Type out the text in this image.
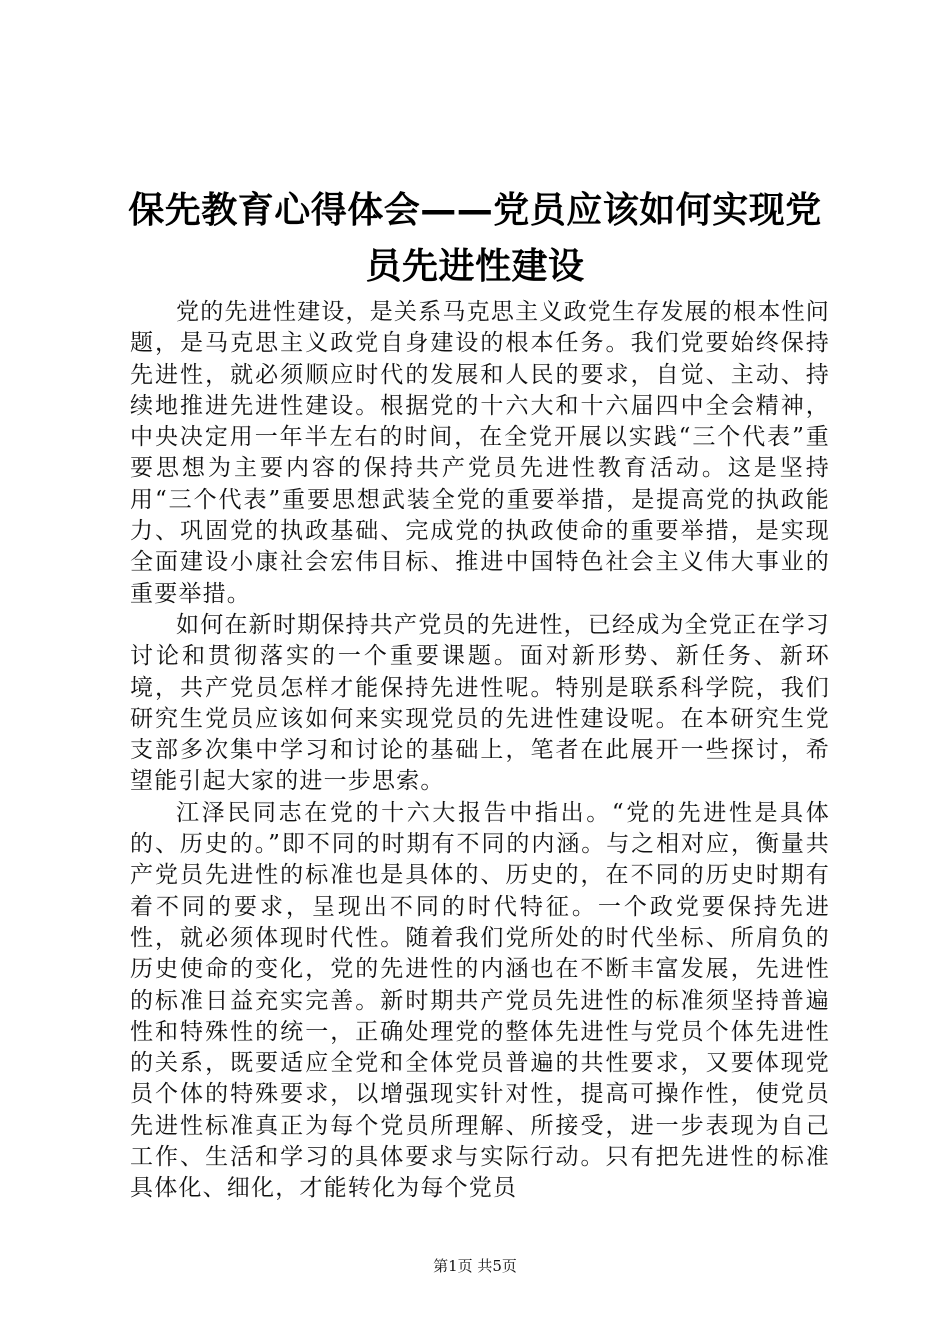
保先教育心得体会——党员应该如何实现党员先进性建设

党的先进性建设，是关系马克思主义政党生存发展的根本性问题，是马克思主义政党自身建设的根本任务。我们党要始终保持先进性，就必须顺应时代的发展和人民的要求，自觉、主动、持续地推进先进性建设。根据党的十六大和十六届四中全会精神，中央决定用一年半左右的时间，在全党开展以实践“三个代表”重要思想为主要内容的保持共产党员先进性教育活动。这是坚持用“三个代表”重要思想武装全党的重要举措，是提高党的执政能力、巩固党的执政基础、完成党的执政使命的重要举措，是实现全面建设小康社会宏伟目标、推进中国特色社会主义伟大事业的重要举措。

如何在新时期保持共产党员的先进性，已经成为全党正在学习讨论和贯彻落实的一个重要课题。面对新形势、新任务、新环境，共产党员怎样才能保持先进性呢。特别是联系科学院，我们研究生党员应该如何来实现党员的先进性建设呢。在本研究生党支部多次集中学习和讨论的基础上，笔者在此展开一些探讨，希望能引起大家的进一步思索。

江泽民同志在党的十六大报告中指出。“党的先进性是具体的、历史的。”即不同的时期有不同的内涵。与之相对应，衡量共产党员先进性的标准也是具体的、历史的，在不同的历史时期有着不同的要求，呈现出不同的时代特征。一个政党要保持先进性，就必须体现时代性。随着我们党所处的时代坐标、所肩负的历史使命的变化，党的先进性的内涵也在不断丰富发展，先进性的标准日益充实完善。新时期共产党员先进性的标准须坚持普遍性和特殊性的统一，正确处理党的整体先进性与党员个体先进性的关系，既要适应全党和全体党员普遍的共性要求，又要体现党员个体的特殊要求，以增强现实针对性，提高可操作性，使党员先进性标准真正为每个党员所理解、所接受，进一步表现为自己工作、生活和学习的具体要求与实际行动。只有把先进性的标准具体化、细化，才能转化为每个党员

第1页 共5页
